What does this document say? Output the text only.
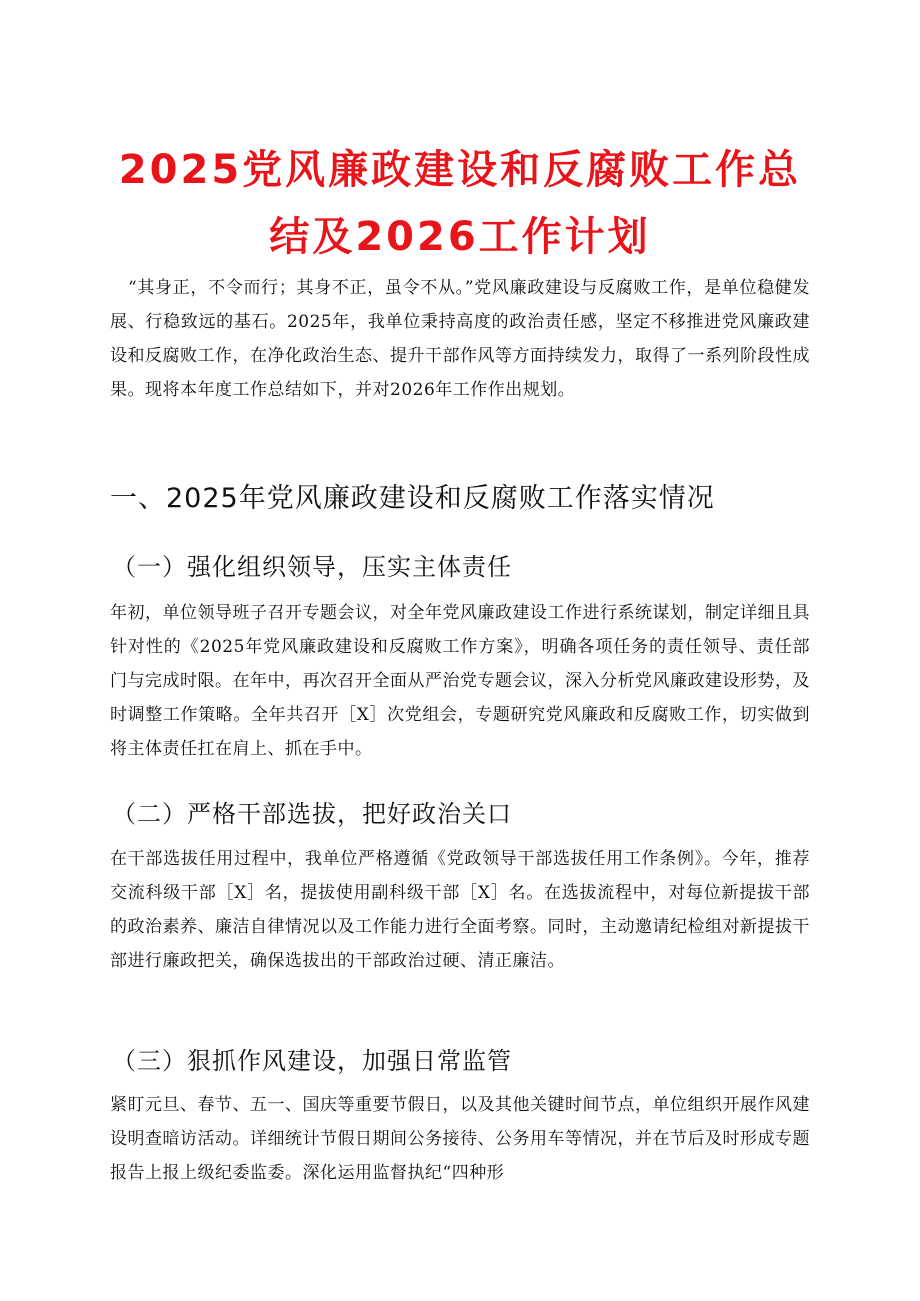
2025党风廉政建设和反腐败工作总
结及2026工作计划
“其身正，不令而行；其身不正，虽令不从。”党风廉政建设与反腐败工作，是单位稳健发展、行稳致远的基石。2025年，我单位秉持高度的政治责任感，坚定不移推进党风廉政建设和反腐败工作，在净化政治生态、提升干部作风等方面持续发力，取得了一系列阶段性成果。现将本年度工作总结如下，并对2026年工作作出规划。
一、2025年党风廉政建设和反腐败工作落实情况
（一）强化组织领导，压实主体责任
年初，单位领导班子召开专题会议，对全年党风廉政建设工作进行系统谋划，制定详细且具针对性的《2025年党风廉政建设和反腐败工作方案》，明确各项任务的责任领导、责任部门与完成时限。在年中，再次召开全面从严治党专题会议，深入分析党风廉政建设形势，及时调整工作策略。全年共召开［X］次党组会，专题研究党风廉政和反腐败工作，切实做到将主体责任扛在肩上、抓在手中。
（二）严格干部选拔，把好政治关口
在干部选拔任用过程中，我单位严格遵循《党政领导干部选拔任用工作条例》。今年，推荐交流科级干部［X］名，提拔使用副科级干部［X］名。在选拔流程中，对每位新提拔干部的政治素养、廉洁自律情况以及工作能力进行全面考察。同时，主动邀请纪检组对新提拔干部进行廉政把关，确保选拔出的干部政治过硬、清正廉洁。
（三）狠抓作风建设，加强日常监管
紧盯元旦、春节、五一、国庆等重要节假日，以及其他关键时间节点，单位组织开展作风建设明查暗访活动。详细统计节假日期间公务接待、公务用车等情况，并在节后及时形成专题报告上报上级纪委监委。深化运用监督执纪“四种形
